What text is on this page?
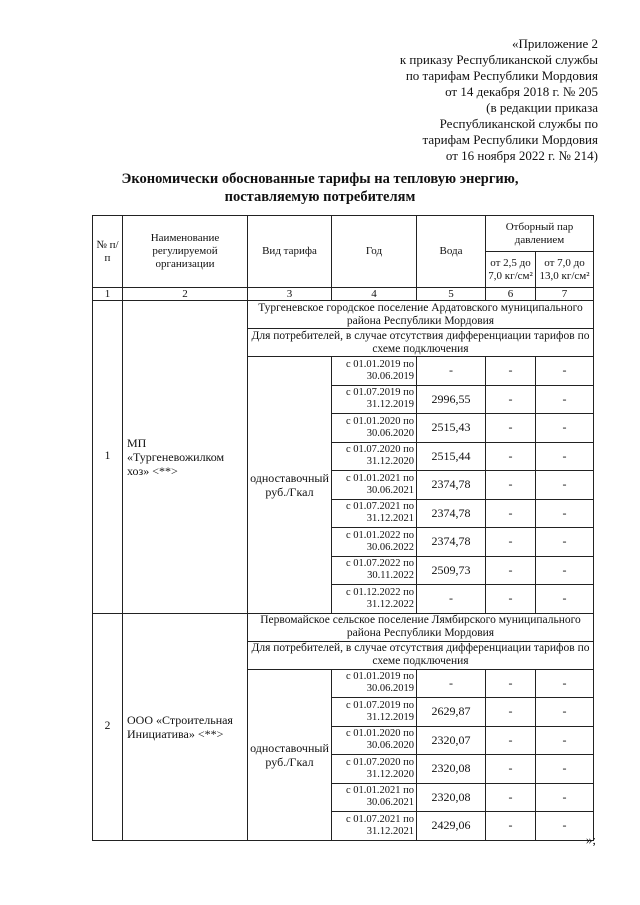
«Приложение 2
к приказу Республиканской службы
по тарифам Республики Мордовия
от 14 декабря 2018 г. № 205
(в редакции приказа
Республиканской службы по
тарифам Республики Мордовия
от 16 ноября 2022 г. № 214)
Экономически обоснованные тарифы на тепловую энергию,
поставляемую потребителям
№ п/п	Наименование регулируемой организации	Вид тарифа	Год	Вода	Отборный пар давлением	
					от 2,5 до 7,0 кг/см²	от 7,0 до 13,0 кг/см²
1	2	3	4	5	6	7
1	МП «Тургеневожилком хоз» <**>	Тургеневское городское поселение Ардатовского муниципального района Республики Мордовия				
		Для потребителей, в случае отсутствия дифференциации тарифов по схеме подключения				
		одноставочный руб./Гкал	с 01.01.2019 по 30.06.2019	-	-	-
			с 01.07.2019 по 31.12.2019	2996,55	-	-
			с 01.01.2020 по 30.06.2020	2515,43	-	-
			с 01.07.2020 по 31.12.2020	2515,44	-	-
			с 01.01.2021 по 30.06.2021	2374,78	-	-
			с 01.07.2021 по 31.12.2021	2374,78	-	-
			с 01.01.2022 по 30.06.2022	2374,78	-	-
			с 01.07.2022 по 30.11.2022	2509,73	-	-
			с 01.12.2022 по 31.12.2022	-	-	-
2	ООО «Строительная Инициатива» <**>	Первомайское сельское поселение Лямбирского муниципального района Республики Мордовия				
		Для потребителей, в случае отсутствия дифференциации тарифов по схеме подключения				
		одноставочный руб./Гкал	с 01.01.2019 по 30.06.2019	-	-	-
			с 01.07.2019 по 31.12.2019	2629,87	-	-
			с 01.01.2020 по 30.06.2020	2320,07	-	-
			с 01.07.2020 по 31.12.2020	2320,08	-	-
			с 01.01.2021 по 30.06.2021	2320,08	-	-
			с 01.07.2021 по 31.12.2021	2429,06	-	-
»;
